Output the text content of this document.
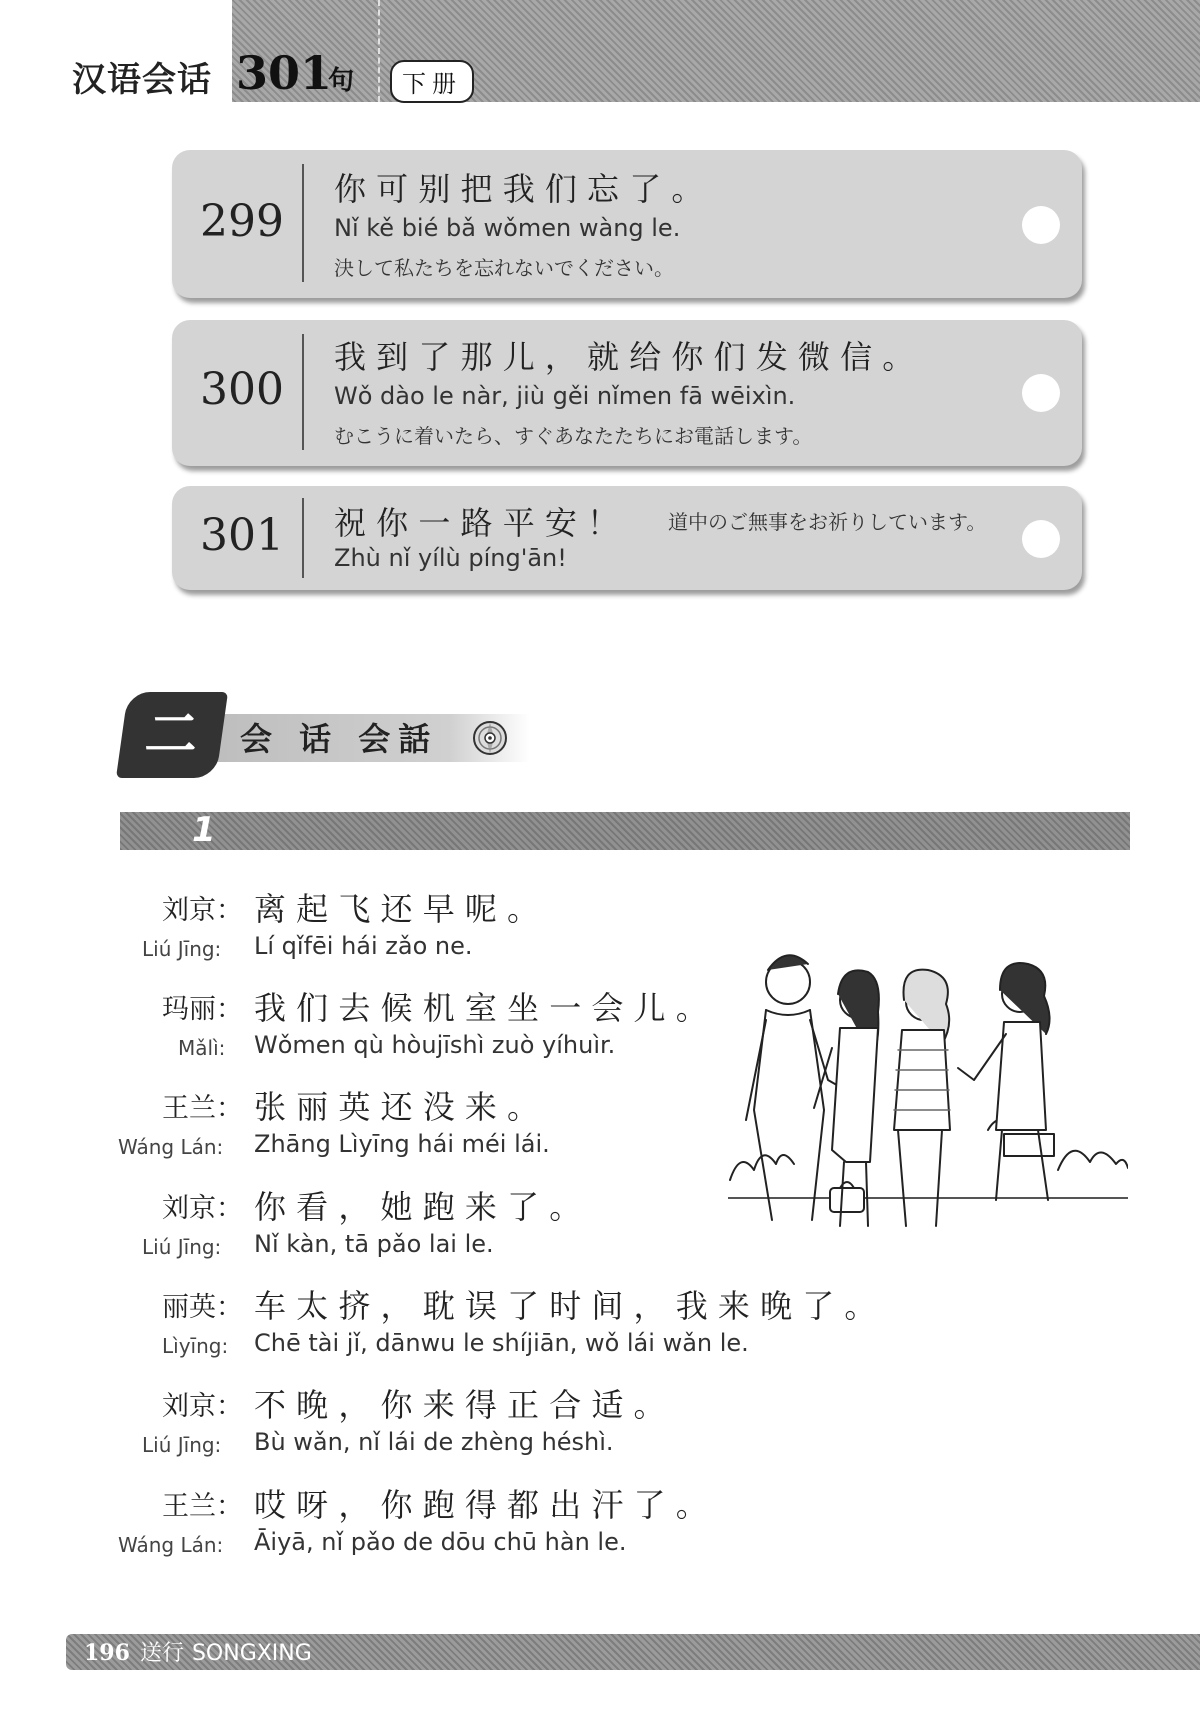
汉语会话 301
句	下册
299
你 可 别 把 我 们 忘 了 。
Nǐ kě bié bǎ wǒmen wàng le.
決して私たちを忘れないでください。
300
我 到 了 那 儿 ， 就 给 你 们 发 微 信 。
Wǒ dào le nàr, jiù gěi nǐmen fā wēixìn.
むこうに着いたら、すぐあなたたちにお電話します。
301 祝 你 一 路 平 安 ！
Zhù nǐ yílù píng'ān!
道中のご無事をお祈りしています。
二	会 话 会話
1
刘京：
Liú Jīng:
离 起 飞 还 早 呢 。
Lí qǐfēi hái zǎo ne.
玛丽：
Mǎlì:
我 们 去 候 机 室 坐 一 会 儿 。
Wǒmen qù hòujīshì zuò yíhuìr.
王兰：
Wáng Lán:
张 丽 英 还 没 来 。
Zhāng Lìyīng hái méi lái.
刘京：
Liú Jīng:
你 看 ， 她 跑 来 了 。
Nǐ kàn, tā pǎo lai le.
丽英：
Lìyīng:
车 太 挤 ， 耽 误 了 时 间 ， 我 来 晚 了 。
Chē tài jǐ, dānwu le shíjiān, wǒ lái wǎn le.
刘京：
Liú Jīng:
不 晚 ， 你 来 得 正 合 适 。
Bù wǎn, nǐ lái de zhèng héshì.
王兰：
Wáng Lán:
哎 呀 ， 你 跑 得 都 出 汗 了 。
Āiyā, nǐ pǎo de dōu chū hàn le.
196 送行 SONGXING
